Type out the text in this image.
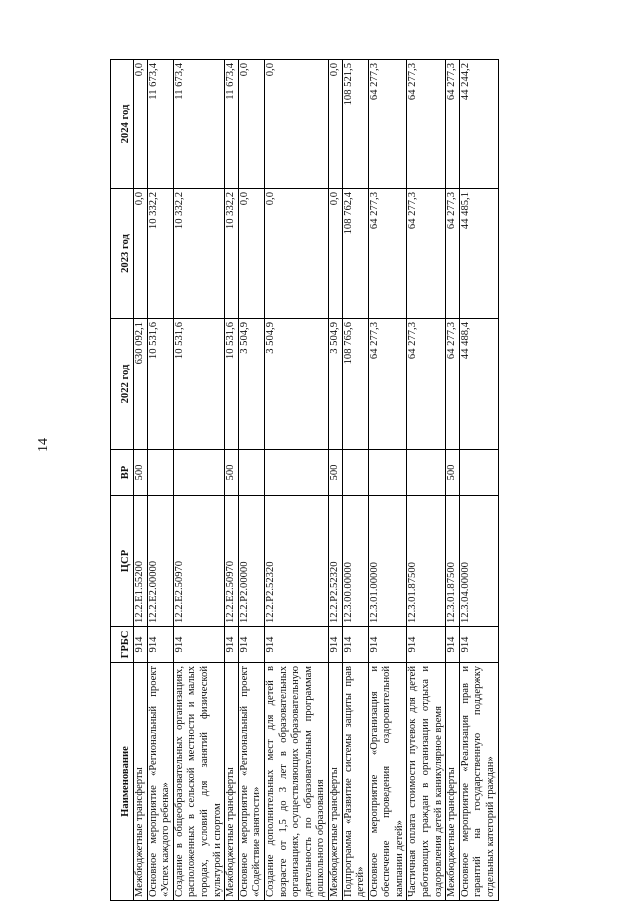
14
Наименование	ГРБС	ЦСР	ВР	2022 год	2023 год	2024 год
Межбюджетные трансферты	914	12.2.Е1.55200	500	630 092,1	0,0	0,0
Основное мероприятие «Региональный проект «Успех каждого ребенка»	914	12.2.Е2.00000		10 531,6	10 332,2	11 673,4
Создание в общеобразовательных организациях, расположенных в сельской местности и малых городах, условий для занятий физической культурой и спортом	914	12.2.Е2.50970		10 531,6	10 332,2	11 673,4
Межбюджетные трансферты	914	12.2.Е2.50970	500	10 531,6	10 332,2	11 673,4
Основное мероприятие «Региональный проект «Содействие занятости»	914	12.2.Р2.00000		3 504,9	0,0	0,0
Создание дополнительных мест для детей в возрасте от 1,5 до 3 лет в образовательных организациях, осуществляющих образовательную деятельность по образовательным программам дошкольного образования	914	12.2.Р2.52320		3 504,9	0,0	0,0
Межбюджетные трансферты	914	12.2.Р2.52320	500	3 504,9	0,0	0,0
Подпрограмма «Развитие системы защиты прав детей»	914	12.3.00.00000		108 765,6	108 762,4	108 521,5
Основное мероприятие «Организация и обеспечение проведения оздоровительной кампании детей»	914	12.3.01.00000		64 277,3	64 277,3	64 277,3
Частичная оплата стоимости путевок для детей работающих граждан в организации отдыха и оздоровления детей в каникулярное время	914	12.3.01.87500		64 277,3	64 277,3	64 277,3
Межбюджетные трансферты	914	12.3.01.87500	500	64 277,3	64 277,3	64 277,3
Основное мероприятие «Реализация прав и гарантий на государственную поддержку отдельных категорий граждан»	914	12.3.04.00000		44 488,4	44 485,1	44 244,2
